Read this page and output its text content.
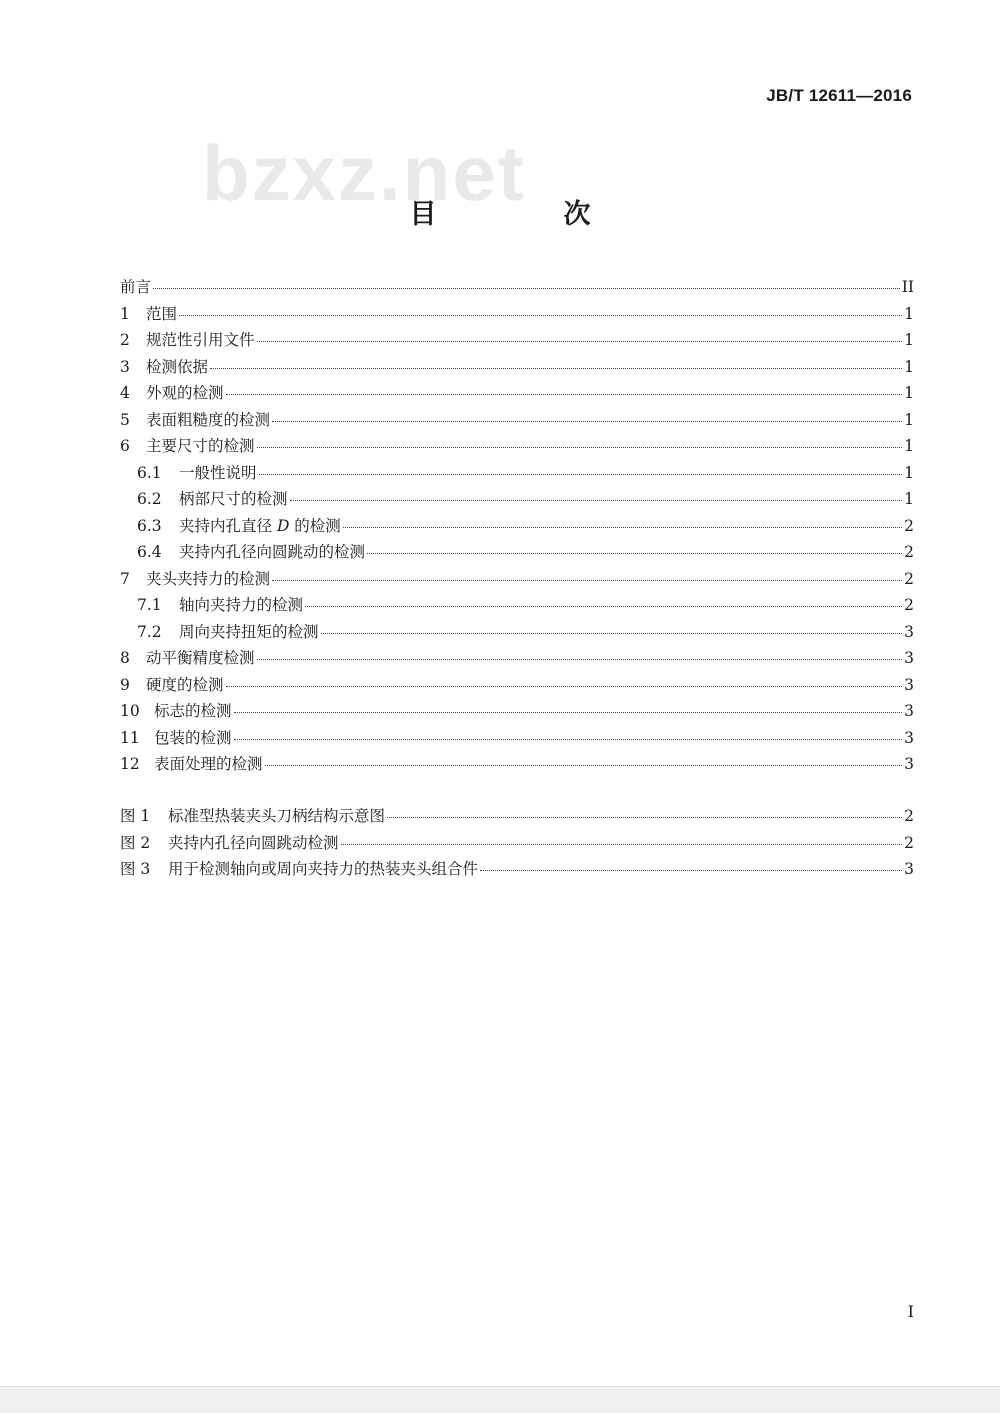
bzxz.net
JB/T 12611—2016
目　次
前言	II
1	范围	1
2	规范性引用文件	1
3	检测依据	1
4	外观的检测	1
5	表面粗糙度的检测	1
6	主要尺寸的检测	1
6.1	一般性说明	1
6.2	柄部尺寸的检测	1
6.3	夹持内孔直径 D 的检测	2
6.4	夹持内孔径向圆跳动的检测	2
7	夹头夹持力的检测	2
7.1	轴向夹持力的检测	2
7.2	周向夹持扭矩的检测	3
8	动平衡精度检测	3
9	硬度的检测	3
10 标志的检测	3
11 包装的检测	3
12 表面处理的检测	3
图 1	标准型热装夹头刀柄结构示意图	2
图 2	夹持内孔径向圆跳动检测	2
图 3	用于检测轴向或周向夹持力的热装夹头组合件	3
I
